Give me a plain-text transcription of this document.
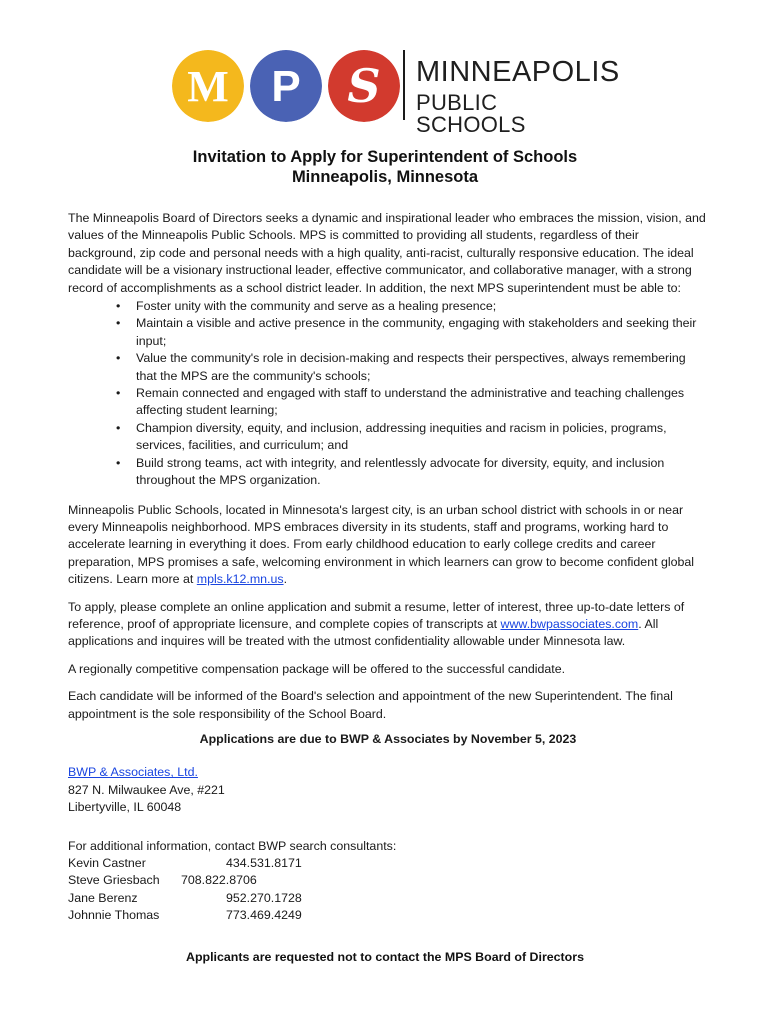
M P S MINNEAPOLIS
PUBLIC SCHOOLS
Invitation to Apply for Superintendent of Schools
Minneapolis, Minnesota

The Minneapolis Board of Directors seeks a dynamic and inspirational leader who embraces the mission, vision, and values of the Minneapolis Public Schools. MPS is committed to providing all students, regardless of their background, zip code and personal needs with a high quality, anti-racist, culturally responsive education. The ideal candidate will be a visionary instructional leader, effective communicator, and collaborative manager, with a strong record of accomplishments as a school district leader. In addition, the next MPS superintendent must be able to:

• Foster unity with the community and serve as a healing presence;
• Maintain a visible and active presence in the community, engaging with stakeholders and seeking their input;
• Value the community's role in decision-making and respects their perspectives, always remembering that the MPS are the community's schools;
• Remain connected and engaged with staff to understand the administrative and teaching challenges affecting student learning;
• Champion diversity, equity, and inclusion, addressing inequities and racism in policies, programs, services, facilities, and curriculum; and
• Build strong teams, act with integrity, and relentlessly advocate for diversity, equity, and inclusion throughout the MPS organization.

Minneapolis Public Schools, located in Minnesota's largest city, is an urban school district with schools in or near every Minneapolis neighborhood. MPS embraces diversity in its students, staff and programs, working hard to accelerate learning in everything it does. From early childhood education to early college credits and career preparation, MPS promises a safe, welcoming environment in which learners can grow to become confident global citizens. Learn more at mpls.k12.mn.us.

To apply, please complete an online application and submit a resume, letter of interest, three up-to-date letters of reference, proof of appropriate licensure, and complete copies of transcripts at www.bwpassociates.com. All applications and inquires will be treated with the utmost confidentiality allowable under Minnesota law.

A regionally competitive compensation package will be offered to the successful candidate.

Each candidate will be informed of the Board's selection and appointment of the new Superintendent. The final appointment is the sole responsibility of the School Board.

Applications are due to BWP & Associates by November 5, 2023

BWP & Associates, Ltd.
827 N. Milwaukee Ave, #221
Libertyville, IL 60048
For additional information, contact BWP search consultants:
Kevin Castner	434.531.8171
Steve Griesbach 708.822.8706
Jane Berenz	952.270.1728
Johnnie Thomas	773.469.4249
Applicants are requested not to contact the MPS Board of Directors
